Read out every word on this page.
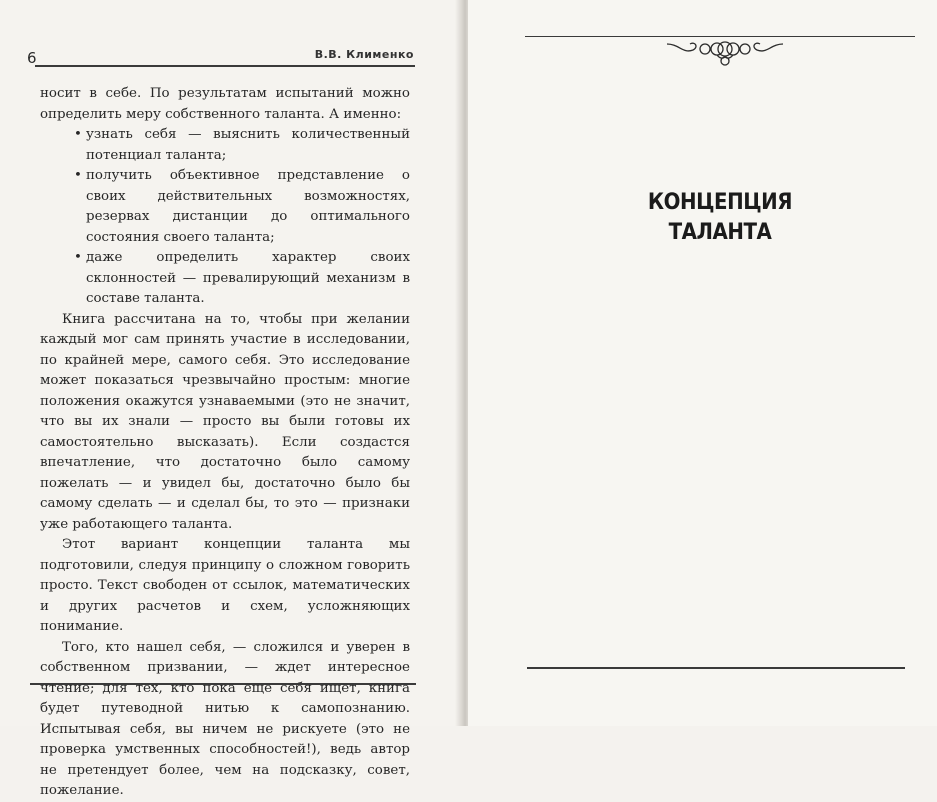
6	В.В. Клименко

носит в себе. По результатам испытаний можно определить меру собственного таланта. А именно:

• узнать себя — выяснить количественный потенциал таланта;
• получить объективное представление о своих действительных возможностях, резервах дистанции до оптимального состояния своего таланта;
• даже определить характер своих склонностей — превалирующий механизм в составе таланта.

Книга рассчитана на то, чтобы при желании каждый мог сам принять участие в исследовании, по крайней мере, самого себя. Это исследование может показаться чрезвычайно простым: многие положения окажутся узнаваемыми (это не значит, что вы их знали — просто вы были готовы их самостоятельно высказать). Если создастся впечатление, что достаточно было самому пожелать — и увидел бы, достаточно было бы самому сделать — и сделал бы, то это — признаки уже работающего таланта.

Этот вариант концепции таланта мы подготовили, следуя принципу о сложном говорить просто. Текст свободен от ссылок, математических и других расчетов и схем, усложняющих понимание.

Того, кто нашел себя, — сложился и уверен в собственном призвании, — ждет интересное чтение; для тех, кто пока еще себя ищет, книга будет путеводной нитью к самопознанию. Испытывая себя, вы ничем не рискуете (это не проверка умственных способностей!), ведь автор не претендует более, чем на подсказку, совет, пожелание.

КОНЦЕПЦИЯ
ТАЛАНТА
